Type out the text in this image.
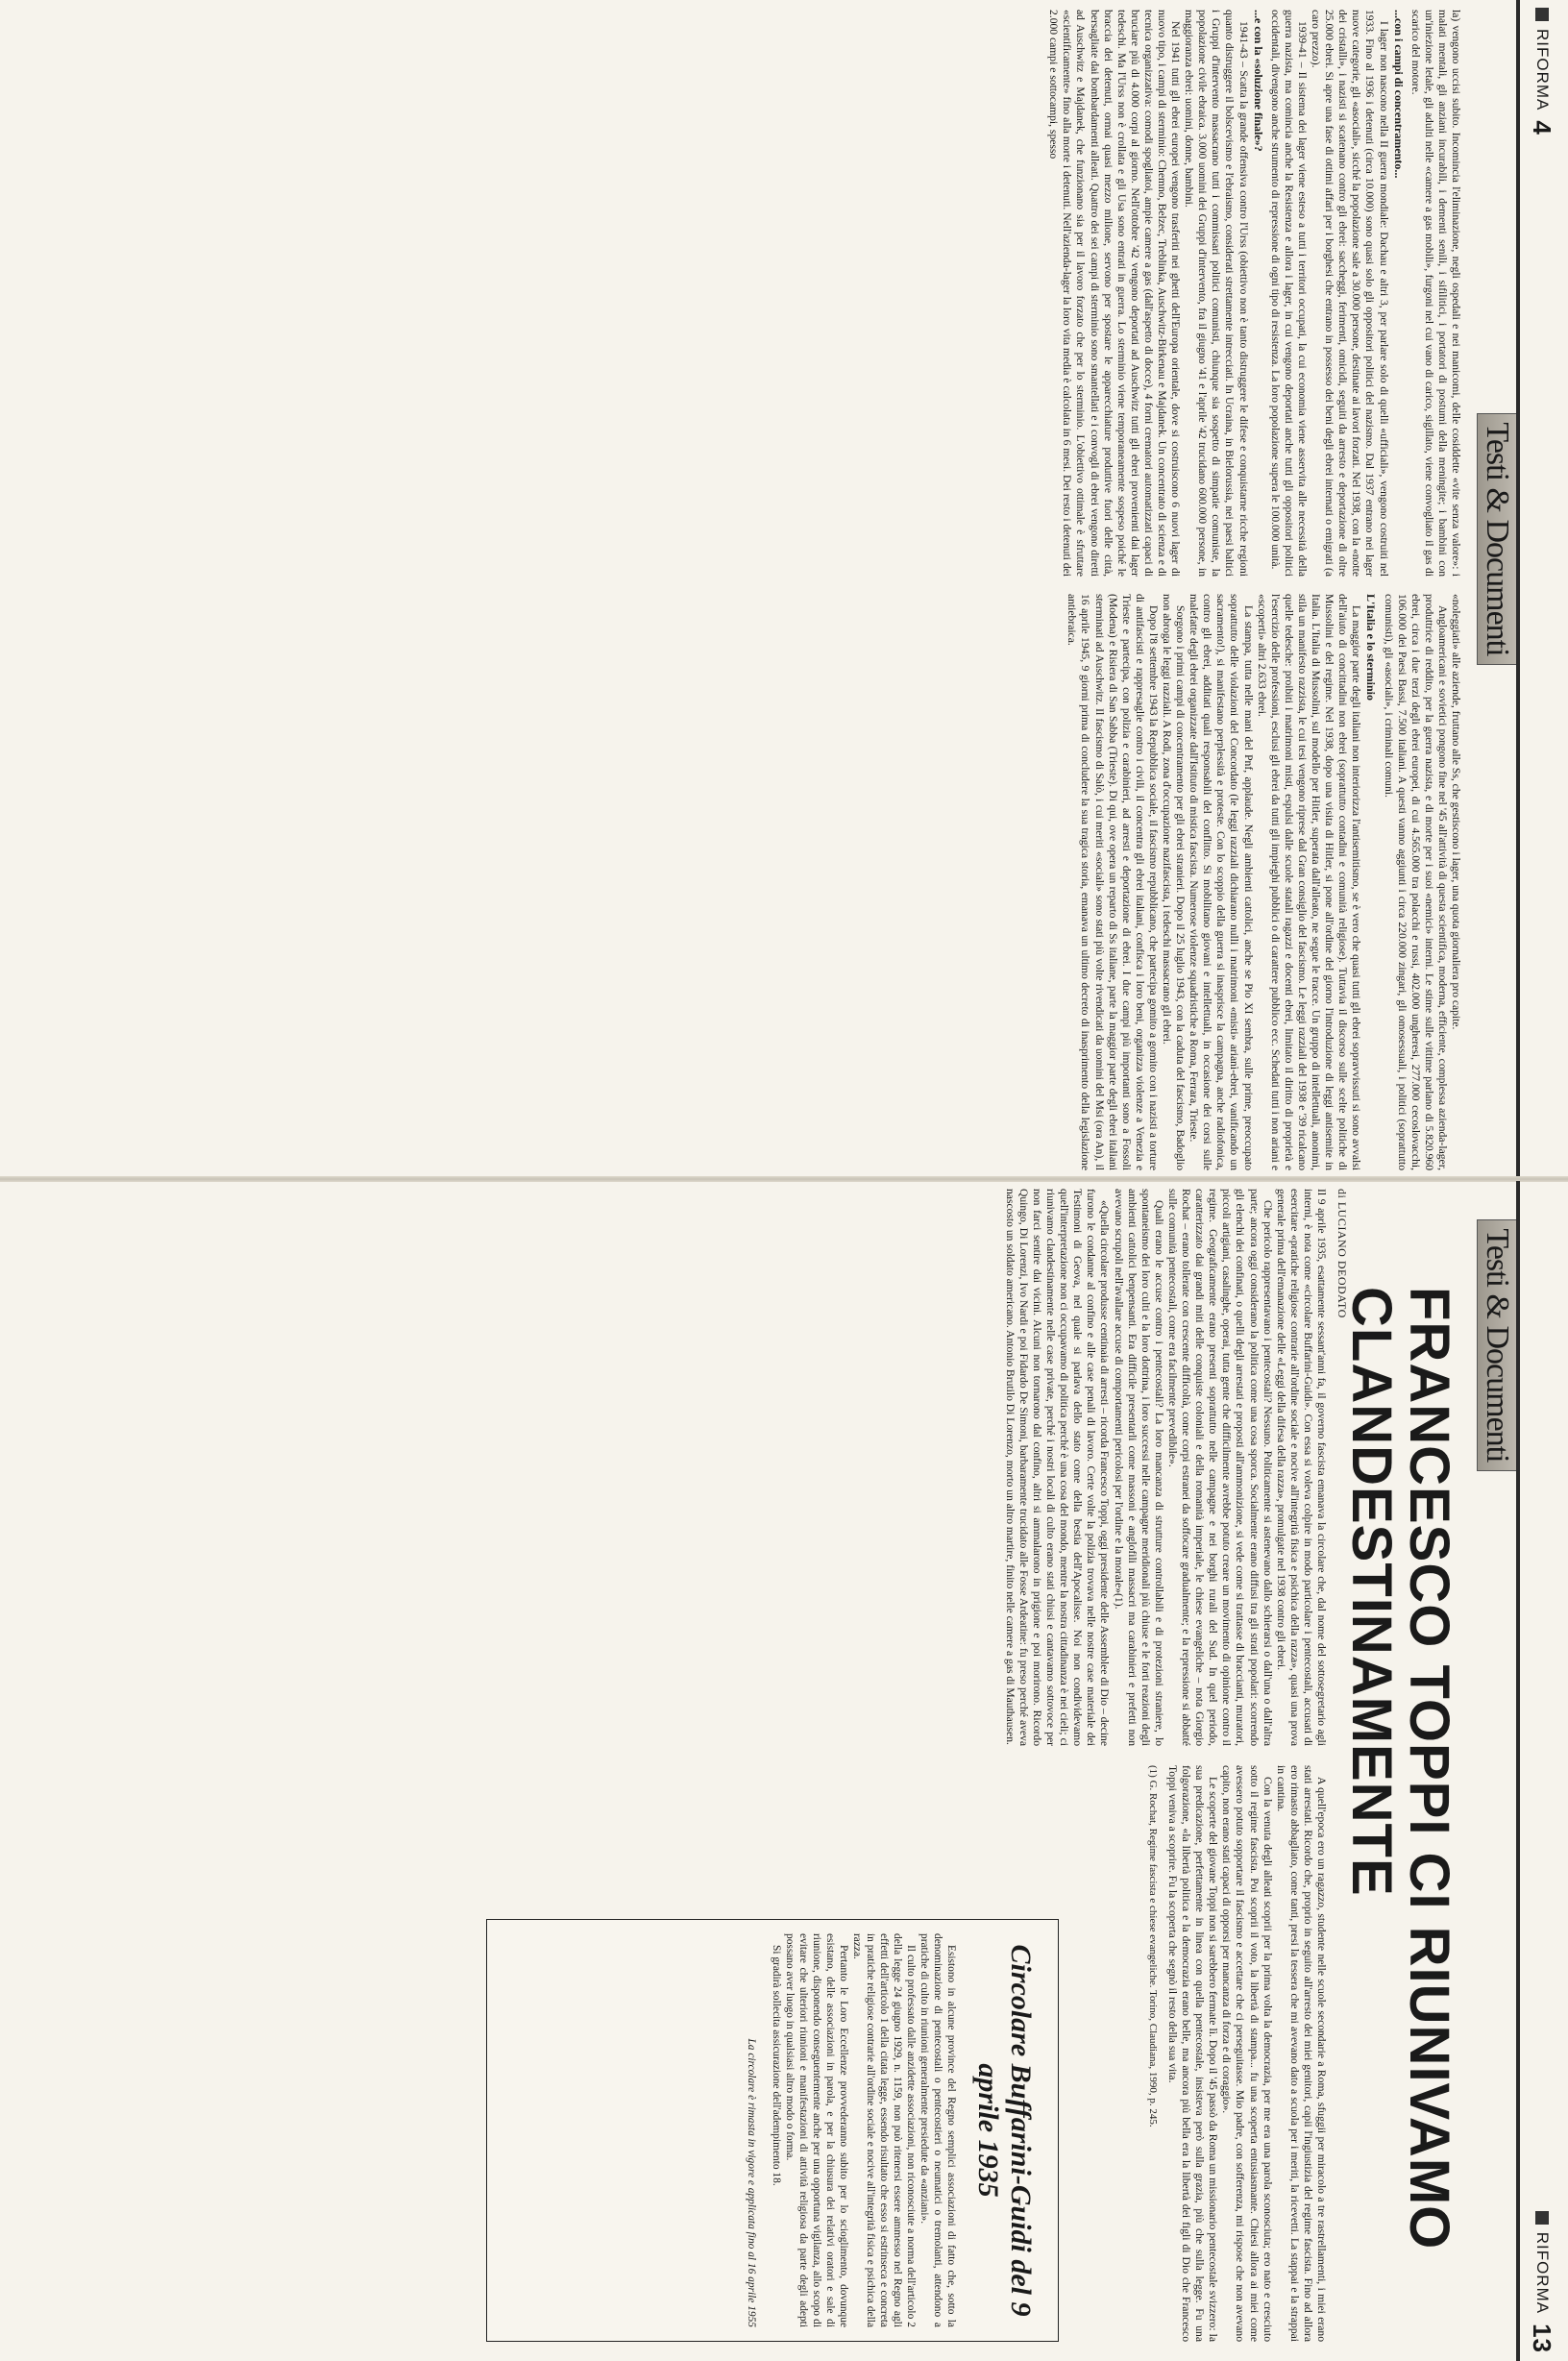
RIFORMA
4
Testi & Documenti

la) vengono uccisi subito. Incomincia l'eliminazione, negli ospedali e nei manicomi, delle cosiddette «vite senza valore»: i malati mentali, gli anziani incurabili, i dementi senili, i sifilitici, i portatori di postumi della meningite; i bambini con un'iniezione letale, gli adulti nelle «camere a gas mobili», furgoni nel cui vano di carico, sigillato, viene convogliato il gas di scarico del motore.

...con i campi di concentramento...

I lager non nascono nella II guerra mondiale: Dachau e altri 3, per parlare solo di quelli «ufficiali», vengono costruiti nel 1933. Fino al 1936 i detenuti (circa 10.000) sono quasi solo gli oppositori politici del nazismo. Dal 1937 entrano nei lager nuove categorie, gli «asociali», sicché la popolazione sale a 30.000 persone, destinate ai lavori forzati. Nel 1938, con la «notte dei cristalli», i nazisti si scatenano contro gli ebrei: saccheggi, ferimenti, omicidi, seguiti da arresto e deportazione di oltre 25.000 ebrei. Si apre una fase di ottimi affari per i borghesi che entrano in possesso dei beni degli ebrei internati o emigrati (a caro prezzo).

1939-41 – Il sistema dei lager viene esteso a tutti i territori occupati, la cui economia viene asservita alle necessità della guerra nazista, ma comincia anche la Resistenza e allora i lager, in cui vengono deportati anche tutti gli oppositori politici occidentali, divengono anche strumento di repressione di ogni tipo di resistenza. La loro popolazione supera le 100.000 unità.

...e con la «soluzione finale»?

1941-43 – Scatta la grande offensiva contro l'Urss (obiettivo non è tanto distruggere le difese e conquistarne ricche regioni quanto distruggere il bolscevismo e l'ebraismo, considerati strettamente intrecciati. In Ucraina, in Bielorussia, nei paesi baltici i Gruppi d'intervento massacrano tutti i commissari politici comunisti, chiunque sia sospetto di simpatie comuniste, la popolazione civile ebraica. 3.000 uomini dei Gruppi d'intervento, fra il giugno '41 e l'aprile '42 trucidano 600.000 persone, in maggioranza ebrei: uomini, donne, bambini.

Nel 1941 tutti gli ebrei europei vengono trasferiti nei ghetti dell'Europa orientale, dove si costruiscono 6 nuovi lager di nuovo tipo, i campi di sterminio: Chemno, Belzec, Treblinka, Auschwitz-Birkenau e Majdanek. Un concentrato di scienza e di tecnica organizzativa: comodi spogliatoi, ampie camere a gas (dall'aspetto di docce), 4 forni crematori automatizzati capaci di bruciare più di 4.000 corpi al giorno. Nell'ottobre '42 vengono deportati ad Auschwitz tutti gli ebrei provenienti dai lager tedeschi. Ma l'Urss non è crollata e gli Usa sono entrati in guerra. Lo sterminio viene temporaneamente sospeso poiché le braccia dei detenuti, ormai quasi mezzo milione, servono per spostare le apparecchiature produttive fuori delle città, bersagliate dai bombardamenti alleati. Quattro dei sei campi di sterminio sono smantellati e i convogli di ebrei vengono diretti ad Auschwitz e Majdanek, che funzionano sia per il lavoro forzato che per lo sterminio. L'obiettivo ottimale è sfruttare «scientificamente» fino alla morte i detenuti. Nell'azienda-lager la loro vita media è calcolata in 6 mesi. Dei resto i detenuti dei 2.000 campi e sottocampi, spesso

«noleggiati» alle aziende, fruttano alle Ss, che gestiscono i lager, una quota giornaliera pro capite.

Angloamericani e sovietici pongono fine nel '45 all'attività di questa scientifica, moderna, efficiente, complessa azienda-lager, produttrice di reddito, per la guerra nazista, e di morte per i suoi «nemici» interni. Le stime sulle vittime parlano di 5.820.960 ebrei, circa i due terzi degli ebrei europei, di cui 4.565.000 tra polacchi e russi, 402.000 ungheresi, 277.000 cecoslovacchi, 106.000 dei Paesi Bassi, 7.500 italiani. A questi vanno aggiunti i circa 220.000 zingari, gli omosessuali, i politici (soprattutto comunisti), gli «asociali», i criminali comuni.

L'Italia e lo sterminio

La maggior parte degli italiani non interiorizza l'antisemitismo, se è vero che quasi tutti gli ebrei sopravvissuti si sono avvalsi dell'aiuto di concittadini non ebrei (soprattutto contadini e comunità religiose). Tuttavia il discorso sulle scelte politiche di Mussolini e del regime. Nel 1938, dopo una visita di Hitler, si pone all'ordine del giorno l'introduzione di leggi antisemite in Italia. L'Italia di Mussolini, sul modello per Hitler, superata dall'alleato, ne segue le tracce. Un gruppo di intellettuali, anonimi, stila un manifesto razzista, le cui tesi vengono riprese dal Gran consiglio del fascismo. Le leggi razziali del 1938 e '39 ricalcano quelle tedesche: proibiti i matrimoni misti, espulsi dalle scuole statali ragazzi e docenti ebrei, limitato il diritto di proprietà e l'esercizio delle professioni, esclusi gli ebrei da tutti gli impieghi pubblici o di carattere pubblico ecc. Schedati tutti i non ariani e «scoperti» altri 2.633 ebrei.

La stampa, tutta nelle mani del Pnf, applaude. Negli ambienti cattolici, anche se Pio XI sembra, sulle prime, preoccupato soprattutto delle violazioni del Concordato (le leggi razziali dichiarano nulli i matrimoni «misti» arianì-ebrei, vanificando un sacramento!), si manifestano perplessità e proteste. Con lo scoppio della guerra si inasprisce la campagna, anche radiofonica, contro gli ebrei, additati quali responsabili del conflitto. Si mobilitano giovani e intellettuali, in occasione dei corsi sulle malefatte degli ebrei organizzate dall'Istituto di mistica fascista. Numerose violenze squadristiche a Roma, Ferrara, Trieste.

Sorgono i primi campi di concentramento per gli ebrei stranieri. Dopo il 25 luglio 1943, con la caduta del fascismo, Badoglio non abroga le leggi razziali. A Rodi, zona d'occupazione nazifascista, i tedeschi massacrano gli ebrei.

Dopo l'8 settembre 1943 la Repubblica sociale, il fascismo repubblicano, che partecipa gomito a gomito con i nazisti a torture di antifascisti e rappresaglie contro i civili, il concentra gli ebrei italiani, confisca i loro beni, organizza violenze a Venezia e Trieste e partecipa, con polizia e carabinieri, ad arresti e deportazione di ebrei. I due campi più importanti sono a Fossoli (Modena) e Risiera di San Sabba (Trieste). Di qui, ove opera un reparto di Ss italiane, parte la maggior parte degli ebrei italiani sterminati ad Auschwitz. Il fascismo di Salò, i cui meriti «sociali» sono stati più volte rivendicati da uomini del Msi (ora An), il 16 aprile 1945, 9 giorni prima di concludere la sua tragica storia, emanava un ultimo decreto di inasprimento della legislazione antiebraica.

RIFORMA
13
Testi & Documenti
FRANCESCO TOPPI CI RIUNIVAMO CLANDESTINAMENTE
di LUCIANO DEODATO

Il 9 aprile 1935, esattamente sessant'anni fa, il governo fascista emanava la circolare che, dal nome del sottosegretario agli interni, è nota come «circolare Buffarini-Guidi». Con essa si voleva colpire in modo particolare i pentecostali, accusati di esercitare «pratiche religiose contrarie all'ordine sociale e nocive all'integrità fisica e psichica della razza», quasi una prova generale prima dell'emanazione delle «Leggi della difesa della razza», promulgate nel 1938 contro gli ebrei.

Che pericolo rappresentavano i pentecostali? Nessuno. Politicamente si astenevano dallo schierarsi o dall'una o dall'altra parte; ancora oggi considerano la politica come una cosa sporca. Socialmente erano diffusi tra gli strati popolari: scorrendo gli elenchi dei confinati, o quelli degli arrestati e proposti all'ammonizione, si vede come si trattasse di braccianti, muratori, piccoli artigiani, casalinghe, operai, tutta gente che difficilmente avrebbe potuto creare un movimento di opinione contro il regime. Geograficamente erano presenti soprattutto nelle campagne e nei borghi rurali del Sud. In quel periodo, caratterizzato dai grandi miti delle conquiste coloniali e della romanità imperiale, le chiese evangeliche – nota Giorgio Rochat – erano tollerate con crescente difficoltà, come corpi estranei da soffocare gradualmente; e la repressione si abbatté sulle comunità pentecostali, come era facilmente prevedibile».

Quali erano le accuse contro i pentecostali? La loro mancanza di strutture controllabili e di protezioni straniere, lo spontaneismo dei loro culti e la loro dottrina, i loro successi nelle campagne meridionali più chiuse e le forti reazioni degli ambienti cattolici benpensanti. Era difficile presentarli come massoni e anglofili massacri ma carabinieri e prefetti non avevano scrupoli nell'avallare accuse di comportamenti pericolosi per l'ordine e la morale»(1).

«Quella circolare produsse centinaia di arresti – ricorda Francesco Toppi, oggi presidente delle Assemblee di Dio – decine furono le condanne al confino e alle case penali di lavoro. Certe volte la polizia trovava nelle nostre case materiale dei Testimoni di Geova, nel quale si parlava dello stato come della bestia dell'Apocalisse. Noi non condividevamo quell'interpretazione non ci occupavamo di politica perché è una cosa del mondo, mentre la nostra cittadinanza è nei cieli; ci riunivamo clandestinamente nelle case private, perché i nostri locali di culto erano stati chiusi e cantavamo sottovoce per non farci sentire dai vicini. Alcuni non tornarono dal confino, altri si ammalarono in prigione e poi morirono. Ricordo Quingo, Di Lorenzi, Ivo Nardi e poi Fidardo De Simoni, barbaramente trucidato alle Fosse Ardeatine: fu preso perché aveva nascosto un soldato americano. Antonio Brutilo Di Lorenzo, morto un altro martire, finito nelle camere a gas di Mauthausen.

A quell'epoca ero un ragazzo, studente nelle scuole secondarie a Roma, sfuggii per miracolo a tre rastrellamenti, i miei erano stati arrestati. Ricordo che, proprio in seguito all'arresto dei miei genitori, capii l'ingiustizia del regime fascista. Fino ad allora ero rimasto abbagliato, come tanti, presi la tessera che mi avevano dato a scuola per i meriti, la ricevetti. La stappai e la strappai in cantina.

Con la venuta degli alleati scoprii per la prima volta la democrazia, per me era una parola sconosciuta; ero nato e cresciuto sotto il regime fascista. Poi scoprii il voto, la libertà di stampa... fu una scoperta entusiasmante. Chiesi allora ai miei come avessero potuto sopportare il fascismo e accettare che ci perseguitasse. Mio padre, con sofferenza, mi rispose che non avevano capito, non erano stati capaci di opporsi per mancanza di forza e di coraggio».

Le scoperte del giovane Toppi non si sarebbero fermate lì. Dopo il '45 passò da Roma un missionario pentecostale svizzero: la sua predicazione, perfettamente in linea con quella pentecostale, insisteva però sulla grazia, più che sulla legge. Fu una folgorazione, «la libertà politica e la democrazia erano belle, ma ancora più bella era la libertà dei figli di Dio che Francesco Toppi veniva a scoprire. Fu la scoperta che segnò il resto della sua vita.

(1) G. Rochat, Regime fascista e chiese evangeliche. Torino, Claudiana, 1990, p. 245.

Circolare Buffarini-Guidi del 9 aprile 1935

Esistono in alcune province del Regno semplici associazioni di fatto che, sotto la denominazione di pentecostali o pentecostieri o neumatici o tremolanti, attendono a pratiche di culto in riunioni generalmente presiedute da «anziani».

Il culto professato dalle anzidette associazioni, non riconosciute a norma dell'articolo 2 della legge 24 giugno 1929, n. 1159, non può ritenersi essere ammesso nel Regno agli effetti dell'articolo 1 della citata legge, essendo risultato che esso si estrinseca e concreta in pratiche religiose contrarie all'ordine sociale e nocive all'integrità fisica e psichica della razza.

Pertanto le Loro Eccellenze provvederanno subito per lo scioglimento, dovunque esistano, delle associazioni in parola, e per la chiusura dei relativi oratori e sale di riunione, disponendo conseguentemente anche per una opportuna vigilanza, allo scopo di evitare che ulteriori riunioni e manifestazioni di attività religiosa da parte degli adepti possano aver luogo in qualsiasi altro modo o forma.

Si gradirà sollecita assicurazione dell'adempimento 18.

La circolare è rimasta in vigore e applicata fino al 16 aprile 1955
